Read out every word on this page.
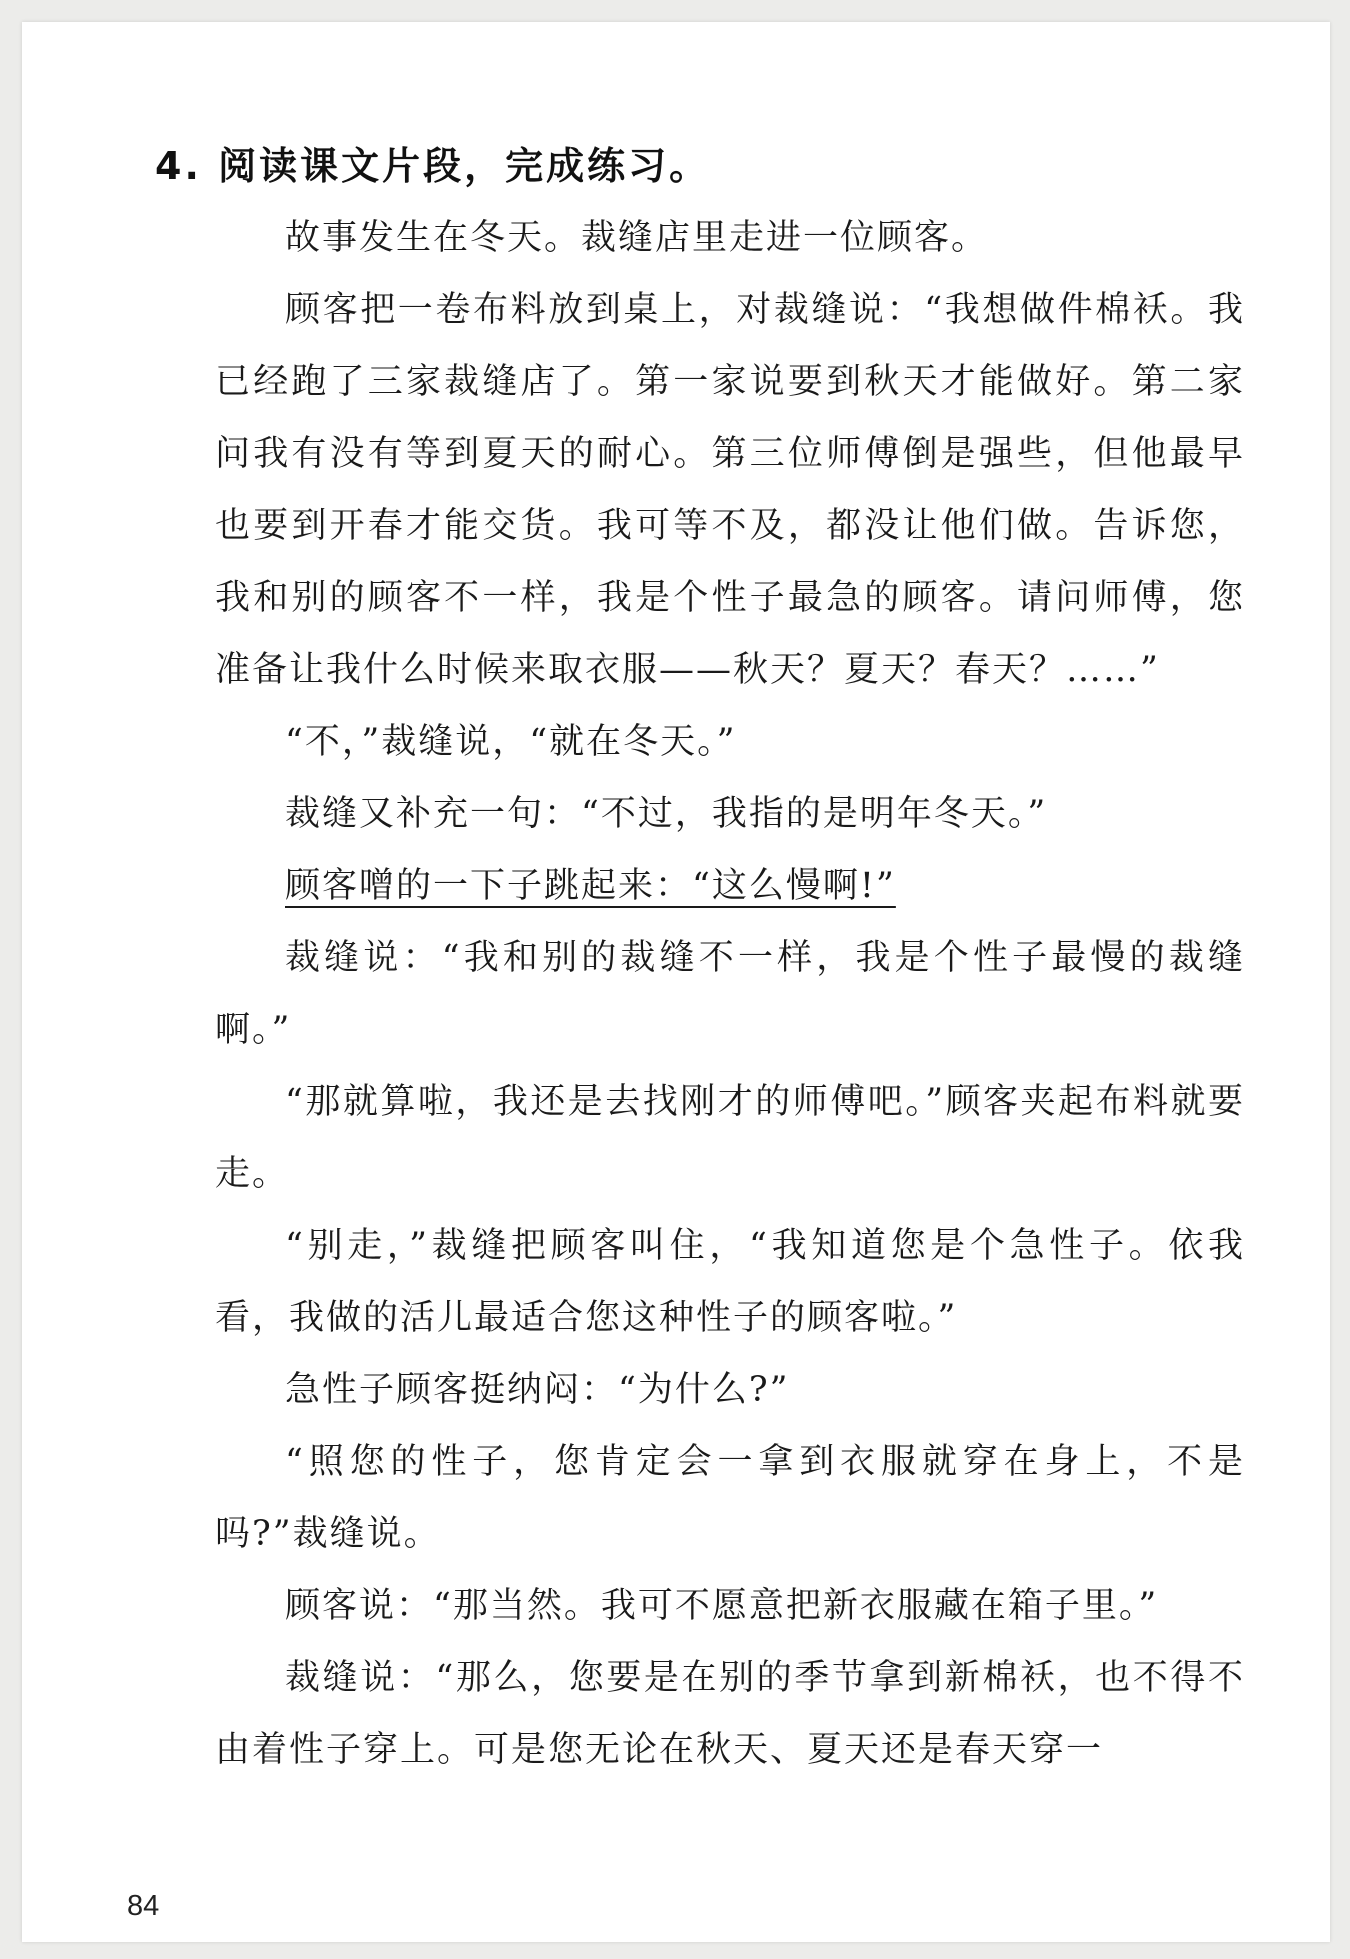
4. 阅读课文片段，完成练习。

故事发生在冬天。裁缝店里走进一位顾客。

顾客把一卷布料放到桌上，对裁缝说：“我想做件棉袄。我已经跑了三家裁缝店了。第一家说要到秋天才能做好。第二家问我有没有等到夏天的耐心。第三位师傅倒是强些，但他最早也要到开春才能交货。我可等不及，都没让他们做。告诉您，我和别的顾客不一样，我是个性子最急的顾客。请问师傅，您准备让我什么时候来取衣服——秋天？夏天？春天？……”

“不，”裁缝说，“就在冬天。”

裁缝又补充一句：“不过，我指的是明年冬天。”

顾客噌的一下子跳起来：“这么慢啊!”

裁缝说：“我和别的裁缝不一样，我是个性子最慢的裁缝啊。”

“那就算啦，我还是去找刚才的师傅吧。”顾客夹起布料就要走。

“别走，”裁缝把顾客叫住，“我知道您是个急性子。依我看，我做的活儿最适合您这种性子的顾客啦。”

急性子顾客挺纳闷：“为什么?”

“照您的性子，您肯定会一拿到衣服就穿在身上，不是吗?”裁缝说。

顾客说：“那当然。我可不愿意把新衣服藏在箱子里。”

裁缝说：“那么，您要是在别的季节拿到新棉袄，也不得不由着性子穿上。可是您无论在秋天、夏天还是春天穿一

84
